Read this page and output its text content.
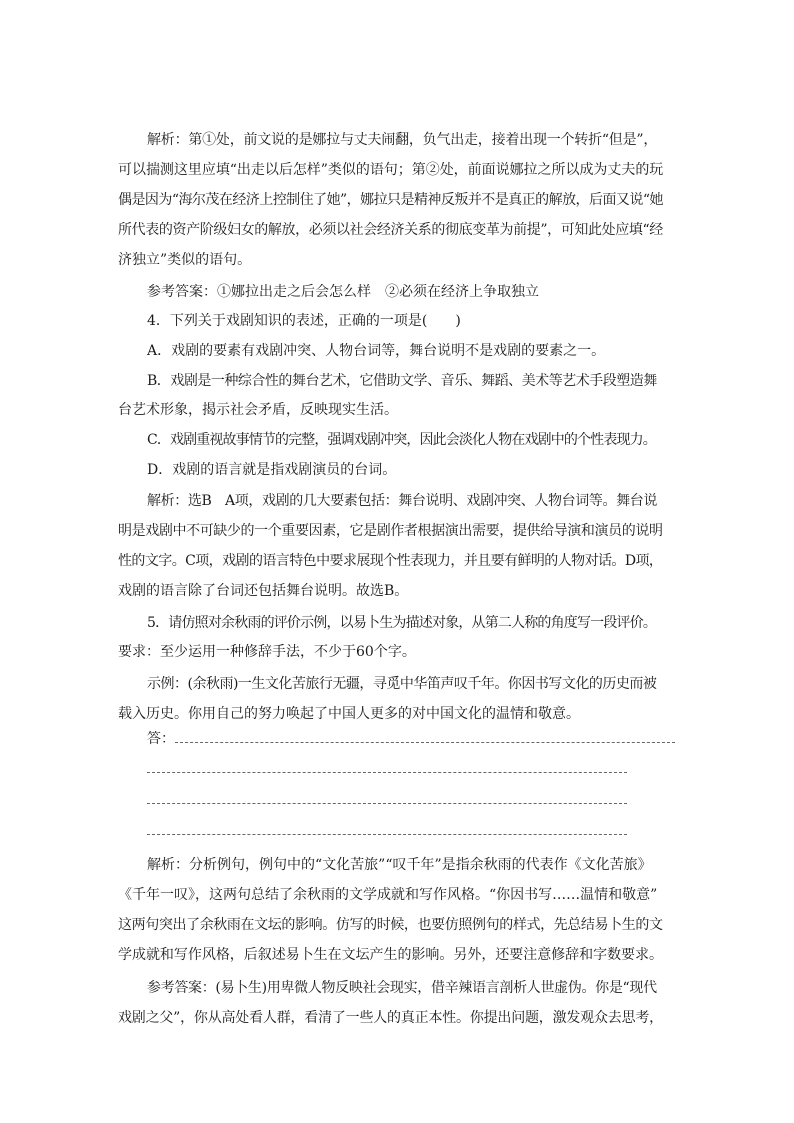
解析：第①处，前文说的是娜拉与丈夫闹翻，负气出走，接着出现一个转折“但是”，
可以揣测这里应填“出走以后怎样”类似的语句；第②处，前面说娜拉之所以成为丈夫的玩
偶是因为“海尔茂在经济上控制住了她”，娜拉只是精神反叛并不是真正的解放，后面又说“她
所代表的资产阶级妇女的解放，必须以社会经济关系的彻底变革为前提”，可知此处应填“经
济独立”类似的语句。
参考答案：①娜拉出走之后会怎么样　②必须在经济上争取独立
4．下列关于戏剧知识的表述，正确的一项是(　　)
A．戏剧的要素有戏剧冲突、人物台词等，舞台说明不是戏剧的要素之一。
B．戏剧是一种综合性的舞台艺术，它借助文学、音乐、舞蹈、美术等艺术手段塑造舞
台艺术形象，揭示社会矛盾，反映现实生活。
C．戏剧重视故事情节的完整，强调戏剧冲突，因此会淡化人物在戏剧中的个性表现力。
D．戏剧的语言就是指戏剧演员的台词。
解析：选B　A项，戏剧的几大要素包括：舞台说明、戏剧冲突、人物台词等。舞台说
明是戏剧中不可缺少的一个重要因素，它是剧作者根据演出需要，提供给导演和演员的说明
性的文字。C项，戏剧的语言特色中要求展现个性表现力，并且要有鲜明的人物对话。D项，
戏剧的语言除了台词还包括舞台说明。故选B。
5．请仿照对余秋雨的评价示例，以易卜生为描述对象，从第二人称的角度写一段评价。
要求：至少运用一种修辞手法，不少于60个字。
示例：(余秋雨)一生文化苦旅行无疆，寻觅中华笛声叹千年。你因书写文化的历史而被
载入历史。你用自己的努力唤起了中国人更多的对中国文化的温情和敬意。
答：
解析：分析例句，例句中的“文化苦旅”“叹千年”是指余秋雨的代表作《文化苦旅》
《千年一叹》，这两句总结了余秋雨的文学成就和写作风格。“你因书写……温情和敬意”
这两句突出了余秋雨在文坛的影响。仿写的时候，也要仿照例句的样式，先总结易卜生的文
学成就和写作风格，后叙述易卜生在文坛产生的影响。另外，还要注意修辞和字数要求。
参考答案：(易卜生)用卑微人物反映社会现实，借辛辣语言剖析人世虚伪。你是“现代
戏剧之父”，你从高处看人群，看清了一些人的真正本性。你提出问题，激发观众去思考，
